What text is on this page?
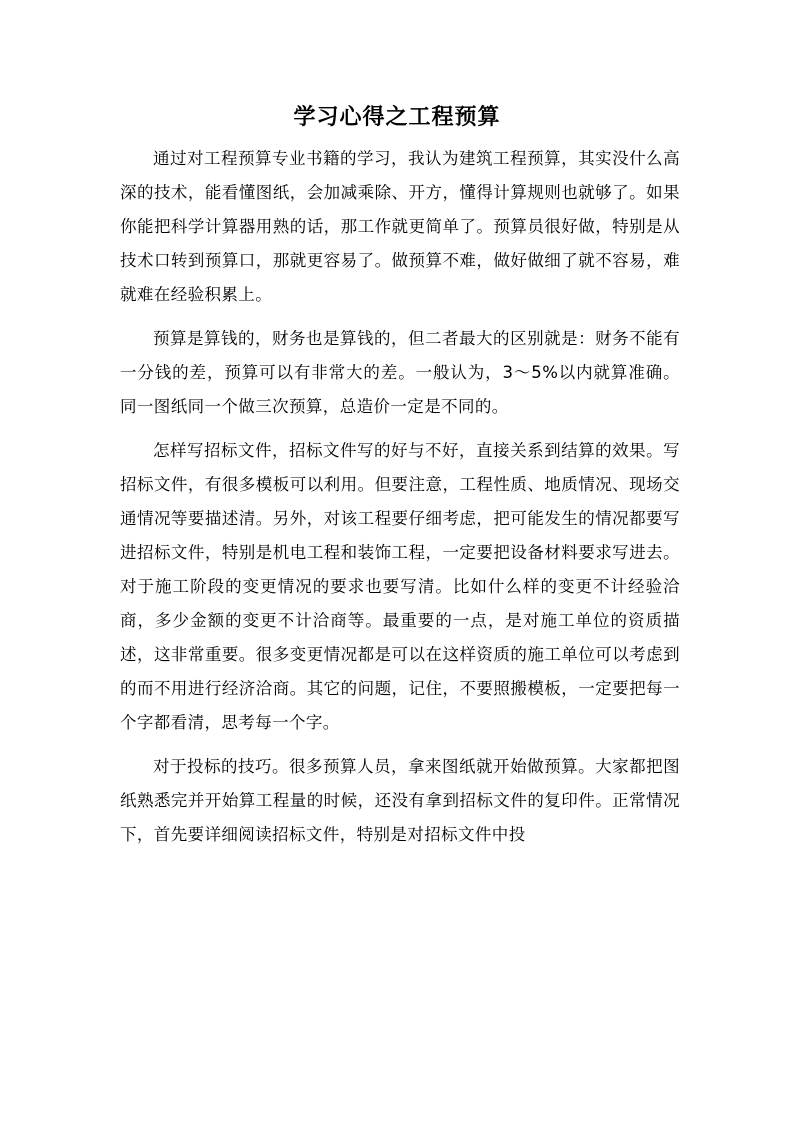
学习心得之工程预算

通过对工程预算专业书籍的学习，我认为建筑工程预算，其实没什么高深的技术，能看懂图纸，会加减乘除、开方，懂得计算规则也就够了。如果你能把科学计算器用熟的话，那工作就更简单了。预算员很好做，特别是从技术口转到预算口，那就更容易了。做预算不难，做好做细了就不容易，难就难在经验积累上。

预算是算钱的，财务也是算钱的，但二者最大的区别就是：财务不能有一分钱的差，预算可以有非常大的差。一般认为，3～5%以内就算准确。同一图纸同一个做三次预算，总造价一定是不同的。

怎样写招标文件，招标文件写的好与不好，直接关系到结算的效果。写招标文件，有很多模板可以利用。但要注意，工程性质、地质情况、现场交通情况等要描述清。另外，对该工程要仔细考虑，把可能发生的情况都要写进招标文件，特别是机电工程和装饰工程，一定要把设备材料要求写进去。对于施工阶段的变更情况的要求也要写清。比如什么样的变更不计经验洽商，多少金额的变更不计洽商等。最重要的一点，是对施工单位的资质描述，这非常重要。很多变更情况都是可以在这样资质的施工单位可以考虑到的而不用进行经济洽商。其它的问题，记住，不要照搬模板，一定要把每一个字都看清，思考每一个字。

对于投标的技巧。很多预算人员，拿来图纸就开始做预算。大家都把图纸熟悉完并开始算工程量的时候，还没有拿到招标文件的复印件。正常情况下，首先要详细阅读招标文件，特别是对招标文件中投
